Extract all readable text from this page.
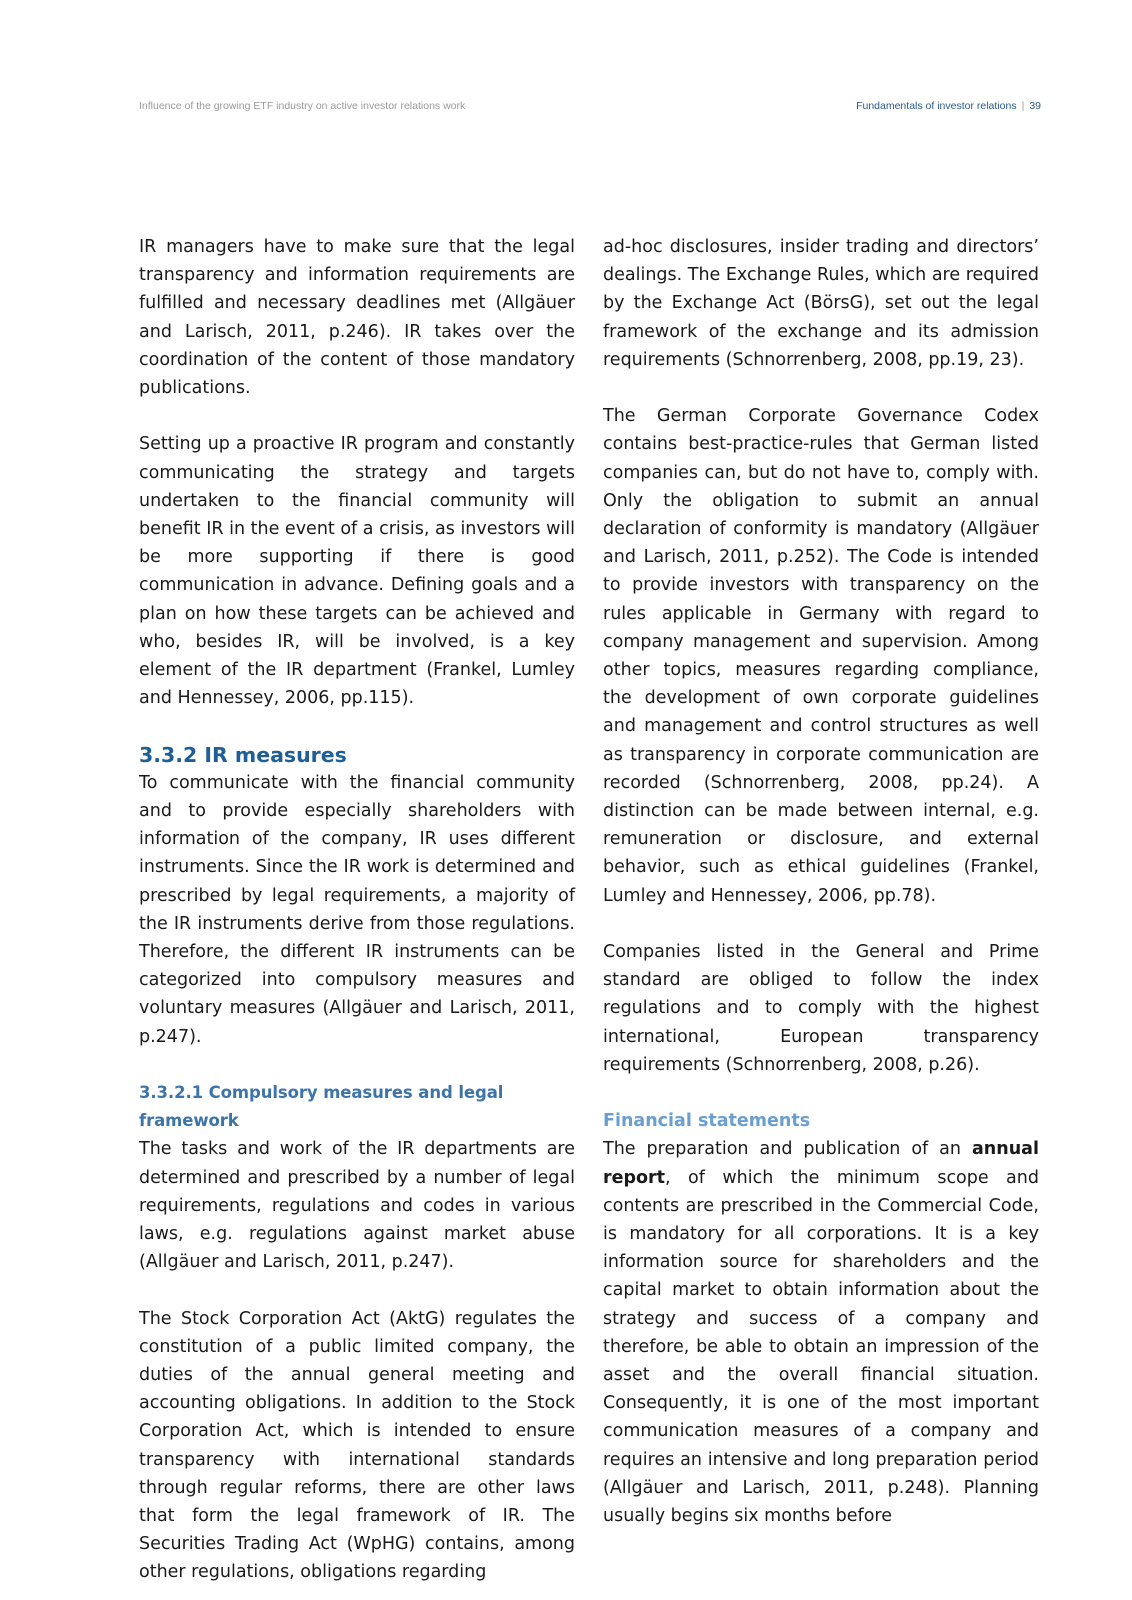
Influence of the growing ETF industry on active investor relations work	Fundamentals of investor relations | 39

IR managers have to make sure that the legal transparency and information requirements are fulfilled and necessary deadlines met (Allgäuer and Larisch, 2011, p.246). IR takes over the coordination of the content of those mandatory publications.

Setting up a proactive IR program and constantly communicating the strategy and targets undertaken to the financial community will benefit IR in the event of a crisis, as investors will be more supporting if there is good communication in advance. Defining goals and a plan on how these targets can be achieved and who, besides IR, will be involved, is a key element of the IR department (Frankel, Lumley and Hennessey, 2006, pp.115).

3.3.2 IR measures

To communicate with the financial community and to provide especially shareholders with information of the company, IR uses different instruments. Since the IR work is determined and prescribed by legal requirements, a majority of the IR instruments derive from those regulations. Therefore, the different IR instruments can be categorized into compulsory measures and voluntary measures (Allgäuer and Larisch, 2011, p.247).

3.3.2.1 Compulsory measures and legal framework

The tasks and work of the IR departments are determined and prescribed by a number of legal requirements, regulations and codes in various laws, e.g. regulations against market abuse (Allgäuer and Larisch, 2011, p.247).

The Stock Corporation Act (AktG) regulates the constitution of a public limited company, the duties of the annual general meeting and accounting obligations. In addition to the Stock Corporation Act, which is intended to ensure transparency with international standards through regular reforms, there are other laws that form the legal framework of IR. The Securities Trading Act (WpHG) contains, among other regulations, obligations regarding

ad-hoc disclosures, insider trading and directors’ dealings. The Exchange Rules, which are required by the Exchange Act (BörsG), set out the legal framework of the exchange and its admission requirements (Schnorrenberg, 2008, pp.19, 23).

The German Corporate Governance Codex contains best-practice-rules that German listed companies can, but do not have to, comply with. Only the obligation to submit an annual declaration of conformity is mandatory (Allgäuer and Larisch, 2011, p.252). The Code is intended to provide investors with transparency on the rules applicable in Germany with regard to company management and supervision. Among other topics, measures regarding compliance, the development of own corporate guidelines and management and control structures as well as transparency in corporate communication are recorded (Schnorrenberg, 2008, pp.24). A distinction can be made between internal, e.g. remuneration or disclosure, and external behavior, such as ethical guidelines (Frankel, Lumley and Hennessey, 2006, pp.78).

Companies listed in the General and Prime standard are obliged to follow the index regulations and to comply with the highest international, European transparency requirements (Schnorrenberg, 2008, p.26).

Financial statements

The preparation and publication of an annual report, of which the minimum scope and contents are prescribed in the Commercial Code, is mandatory for all corporations. It is a key information source for shareholders and the capital market to obtain information about the strategy and success of a company and therefore, be able to obtain an impression of the asset and the overall financial situation. Consequently, it is one of the most important communication measures of a company and requires an intensive and long preparation period (Allgäuer and Larisch, 2011, p.248). Planning usually begins six months before
